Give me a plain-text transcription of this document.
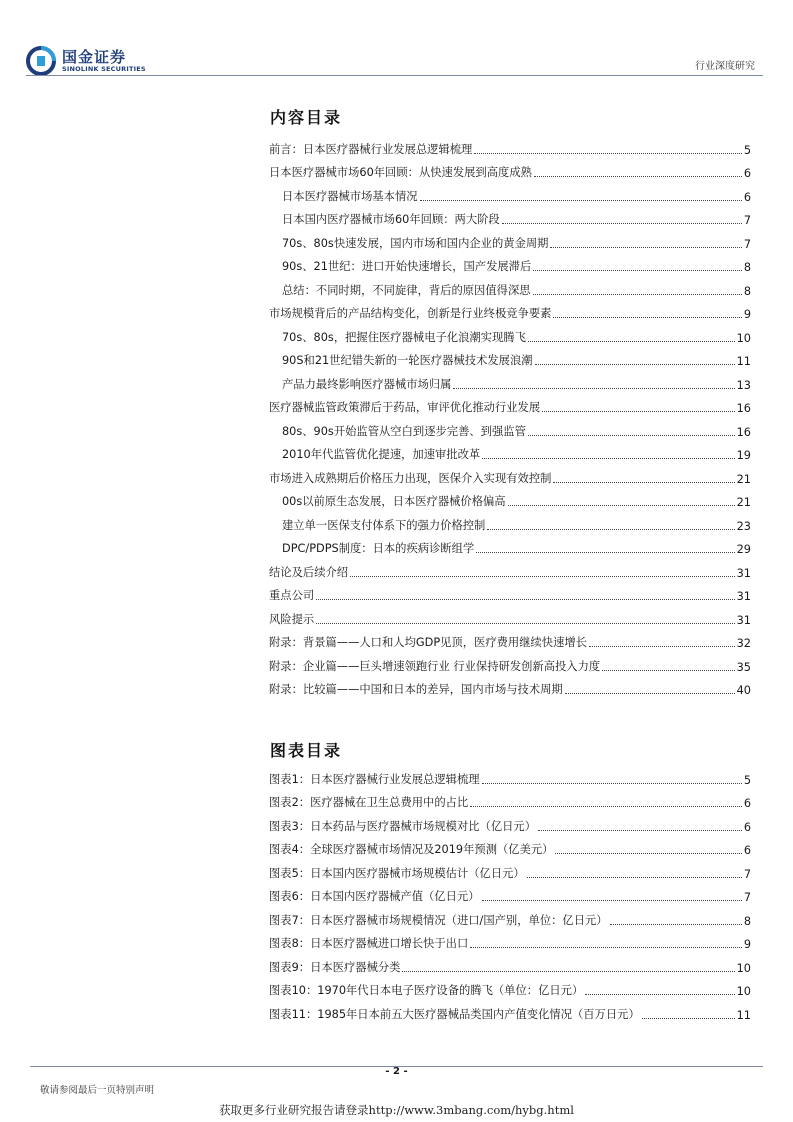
国金证券
SINOLINK SECURITIES	行业深度研究
内容目录
前言：日本医疗器械行业发展总逻辑梳理	5
日本医疗器械市场60年回顾：从快速发展到高度成熟	6
日本医疗器械市场基本情况	6
日本国内医疗器械市场60年回顾：两大阶段	7
70s、80s快速发展，国内市场和国内企业的黄金周期	7
90s、21世纪：进口开始快速增长，国产发展滞后	8
总结：不同时期，不同旋律，背后的原因值得深思	8
市场规模背后的产品结构变化，创新是行业终极竞争要素	9
70s、80s，把握住医疗器械电子化浪潮实现腾飞	10
90S和21世纪错失新的一轮医疗器械技术发展浪潮	11
产品力最终影响医疗器械市场归属	13
医疗器械监管政策滞后于药品，审评优化推动行业发展	16
80s、90s开始监管从空白到逐步完善、到强监管	16
2010年代监管优化提速，加速审批改革	19
市场进入成熟期后价格压力出现，医保介入实现有效控制	21
00s以前原生态发展，日本医疗器械价格偏高	21
建立单一医保支付体系下的强力价格控制	23
DPC/PDPS制度：日本的疾病诊断组学	29
结论及后续介绍	31
重点公司	31
风险提示	31
附录：背景篇——人口和人均GDP见顶，医疗费用继续快速增长	32
附录：企业篇——巨头增速领跑行业 行业保持研发创新高投入力度	35
附录：比较篇——中国和日本的差异，国内市场与技术周期	40
图表目录
图表1：日本医疗器械行业发展总逻辑梳理	5
图表2：医疗器械在卫生总费用中的占比	6
图表3：日本药品与医疗器械市场规模对比（亿日元）	6
图表4：全球医疗器械市场情况及2019年预测（亿美元）	6
图表5：日本国内医疗器械市场规模估计（亿日元）	7
图表6：日本国内医疗器械产值（亿日元）	7
图表7：日本医疗器械市场规模情况（进口/国产别，单位：亿日元）	8
图表8：日本医疗器械进口增长快于出口	9
图表9：日本医疗器械分类	10
图表10：1970年代日本电子医疗设备的腾飞（单位：亿日元）	10
图表11：1985年日本前五大医疗器械品类国内产值变化情况（百万日元）	11
- 2 -
敬请参阅最后一页特别声明
获取更多行业研究报告请登录http://www.3mbang.com/hybg.html
